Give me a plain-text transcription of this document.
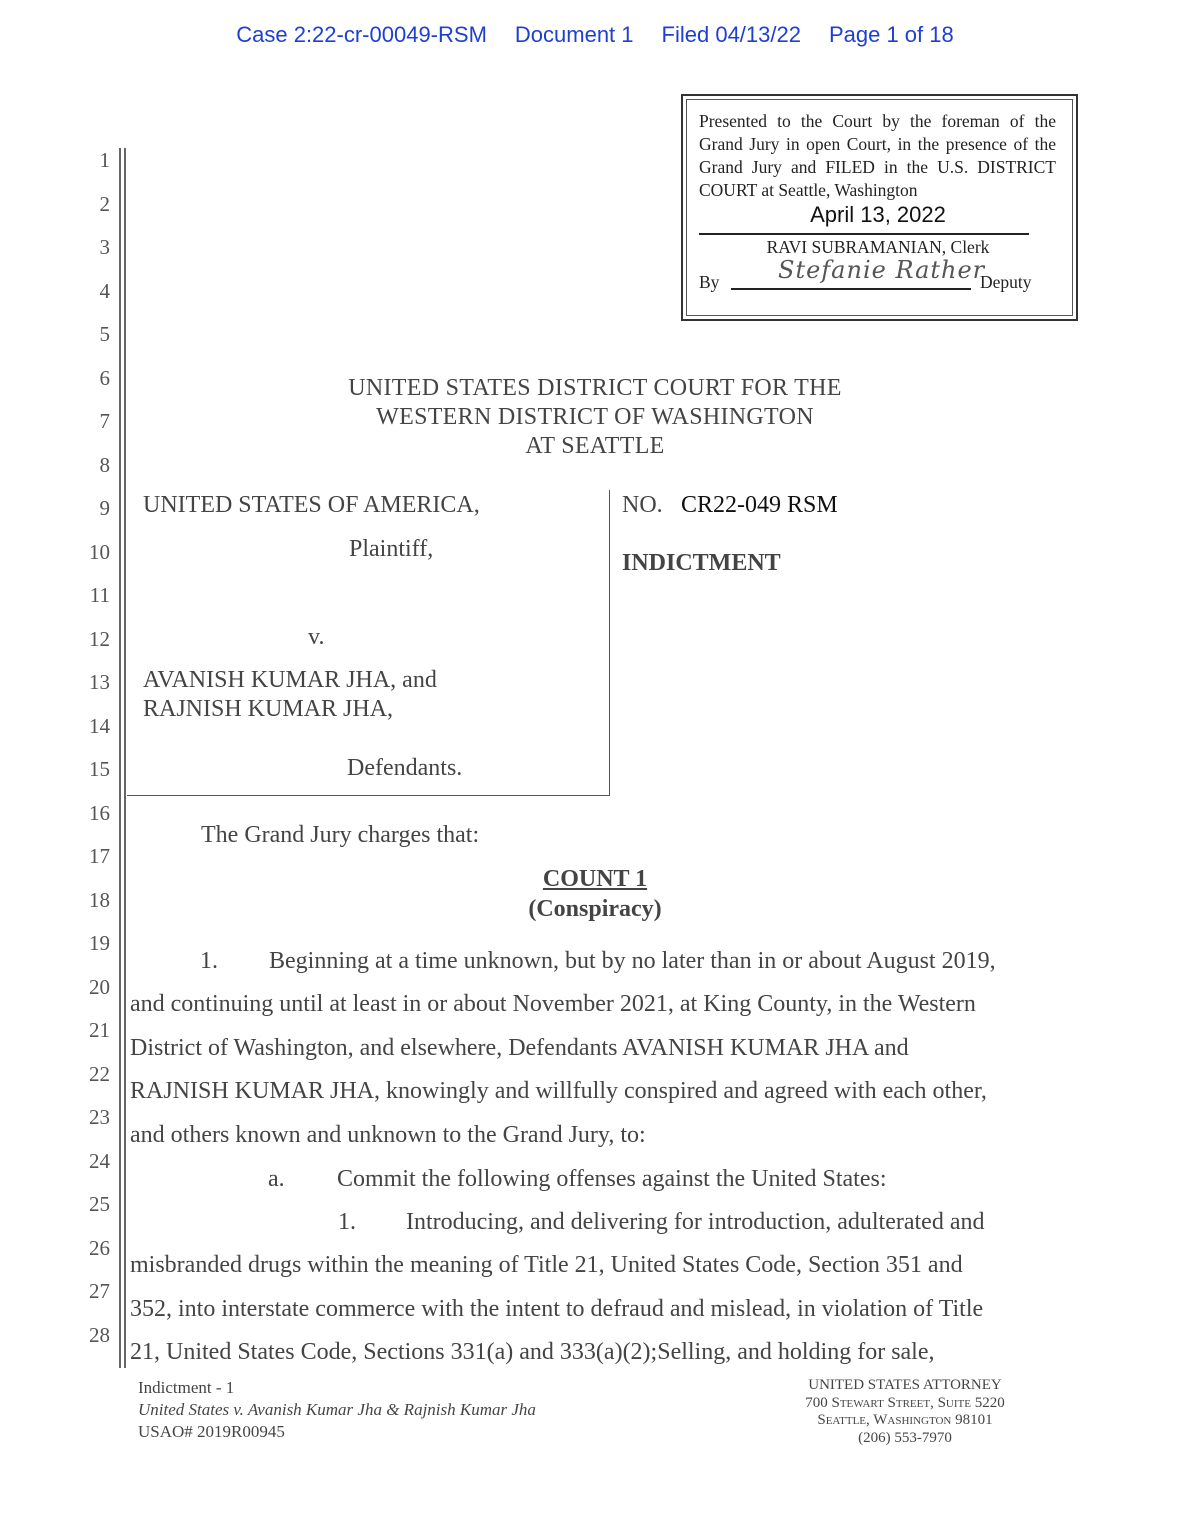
Case 2:22-cr-00049-RSM Document 1 Filed 04/13/22 Page 1 of 18
Presented to the Court by the foreman of the Grand Jury in open Court, in the presence of the Grand Jury and FILED in the U.S. DISTRICT COURT at Seattle, Washington
April 13, 2022
RAVI SUBRAMANIAN, Clerk
By Stefanie Rather
Deputy
1
2
3
4
5
6
7
8
9
10
11
12
13
14
15
16
17
18
19
20
21
22
23
24
25
26
27
28
UNITED STATES DISTRICT COURT FOR THE
WESTERN DISTRICT OF WASHINGTON
AT SEATTLE
UNITED STATES OF AMERICA,
Plaintiff,
v.
AVANISH KUMAR JHA, and
RAJNISH KUMAR JHA,
Defendants.
NO. CR22-049 RSM
INDICTMENT
The Grand Jury charges that:
COUNT 1
(Conspiracy)
1. Beginning at a time unknown, but by no later than in or about August 2019,
and continuing until at least in or about November 2021, at King County, in the Western
District of Washington, and elsewhere, Defendants AVANISH KUMAR JHA and
RAJNISH KUMAR JHA, knowingly and willfully conspired and agreed with each other,
and others known and unknown to the Grand Jury, to:
a. Commit the following offenses against the United States:
1. Introducing, and delivering for introduction, adulterated and
misbranded drugs within the meaning of Title 21, United States Code, Section 351 and
352, into interstate commerce with the intent to defraud and mislead, in violation of Title
21, United States Code, Sections 331(a) and 333(a)(2);Selling, and holding for sale,
Indictment - 1
United States v. Avanish Kumar Jha & Rajnish Kumar Jha
USAO# 2019R00945
UNITED STATES ATTORNEY
700 Stewart Street, Suite 5220
Seattle, Washington 98101
(206) 553-7970
